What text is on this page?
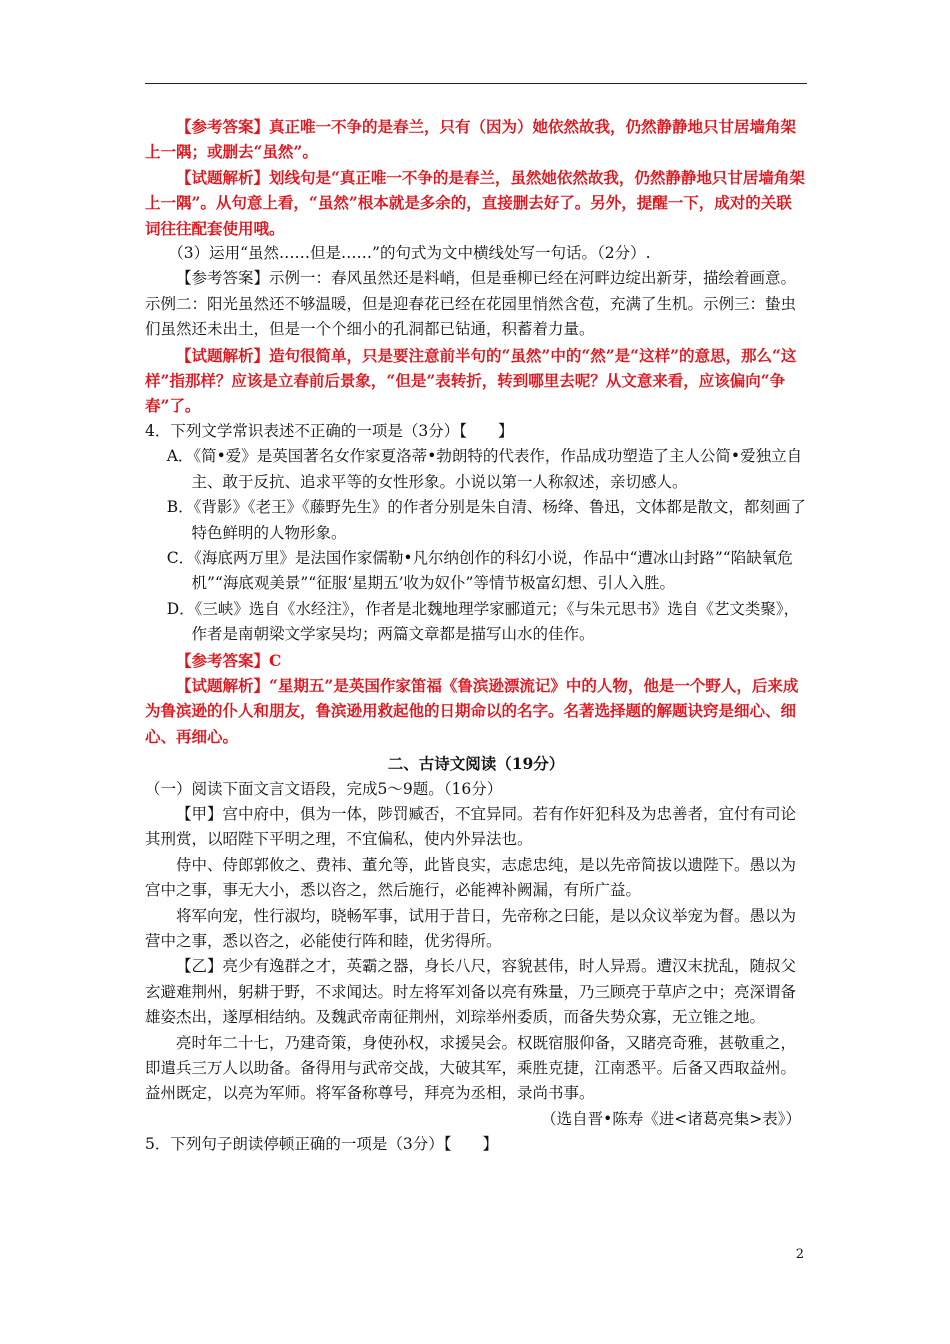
【参考答案】真正唯一不争的是春兰，只有（因为）她依然故我，仍然静静地只甘居墙角架上一隅；或删去“虽然”。

【试题解析】划线句是“真正唯一不争的是春兰，虽然她依然故我，仍然静静地只甘居墙角架上一隅”。从句意上看，“虽然”根本就是多余的，直接删去好了。另外，提醒一下，成对的关联词往往配套使用哦。

（3）运用“虽然……但是……”的句式为文中横线处写一句话。（2分）.

【参考答案】示例一：春风虽然还是料峭，但是垂柳已经在河畔边绽出新芽，描绘着画意。示例二：阳光虽然还不够温暖，但是迎春花已经在花园里悄然含苞，充满了生机。示例三：蛰虫们虽然还未出土，但是一个个细小的孔洞都已钻通，积蓄着力量。

【试题解析】造句很简单，只是要注意前半句的“虽然”中的“然”是“这样”的意思，那么“这样”指那样？应该是立春前后景象，“但是”表转折，转到哪里去呢？从文意来看，应该偏向“争春”了。

4．下列文学常识表述不正确的一项是（3分）【　　】

A．《简•爱》是英国著名女作家夏洛蒂•勃朗特的代表作，作品成功塑造了主人公简•爱独立自主、敢于反抗、追求平等的女性形象。小说以第一人称叙述，亲切感人。

B．《背影》《老王》《藤野先生》的作者分别是朱自清、杨绛、鲁迅，文体都是散文，都刻画了特色鲜明的人物形象。

C．《海底两万里》是法国作家儒勒•凡尔纳创作的科幻小说，作品中“遭冰山封路”“陷缺氧危机”“海底观美景”“征服‘星期五’收为奴仆”等情节极富幻想、引人入胜。

D．《三峡》选自《水经注》，作者是北魏地理学家郦道元；《与朱元思书》选自《艺文类聚》，作者是南朝梁文学家吴均；两篇文章都是描写山水的佳作。

【参考答案】C

【试题解析】“星期五”是英国作家笛福《鲁滨逊漂流记》中的人物，他是一个野人，后来成为鲁滨逊的仆人和朋友，鲁滨逊用救起他的日期命以的名字。名著选择题的解题诀窍是细心、细心、再细心。

二、古诗文阅读（19分）

（一）阅读下面文言文语段，完成5～9题。（16分）

【甲】宫中府中，俱为一体，陟罚臧否，不宜异同。若有作奸犯科及为忠善者，宜付有司论其刑赏，以昭陛下平明之理，不宜偏私，使内外异法也。

侍中、侍郎郭攸之、费祎、董允等，此皆良实，志虑忠纯，是以先帝简拔以遗陛下。愚以为宫中之事，事无大小，悉以咨之，然后施行，必能裨补阙漏，有所广益。

将军向宠，性行淑均，晓畅军事，试用于昔日，先帝称之曰能，是以众议举宠为督。愚以为营中之事，悉以咨之，必能使行阵和睦，优劣得所。

【乙】亮少有逸群之才，英霸之器，身长八尺，容貌甚伟，时人异焉。遭汉末扰乱，随叔父玄避难荆州，躬耕于野，不求闻达。时左将军刘备以亮有殊量，乃三顾亮于草庐之中；亮深谓备雄姿杰出，遂厚相结纳。及魏武帝南征荆州，刘琮举州委质，而备失势众寡，无立锥之地。

亮时年二十七，乃建奇策，身使孙权，求援吴会。权既宿服仰备，又睹亮奇雅，甚敬重之，即遣兵三万人以助备。备得用与武帝交战，大破其军，乘胜克捷，江南悉平。后备又西取益州。益州既定，以亮为军师。将军备称尊号，拜亮为丞相，录尚书事。

（选自晋•陈寿《进<诸葛亮集>表》）

5．下列句子朗读停顿正确的一项是（3分）【　　】

2
